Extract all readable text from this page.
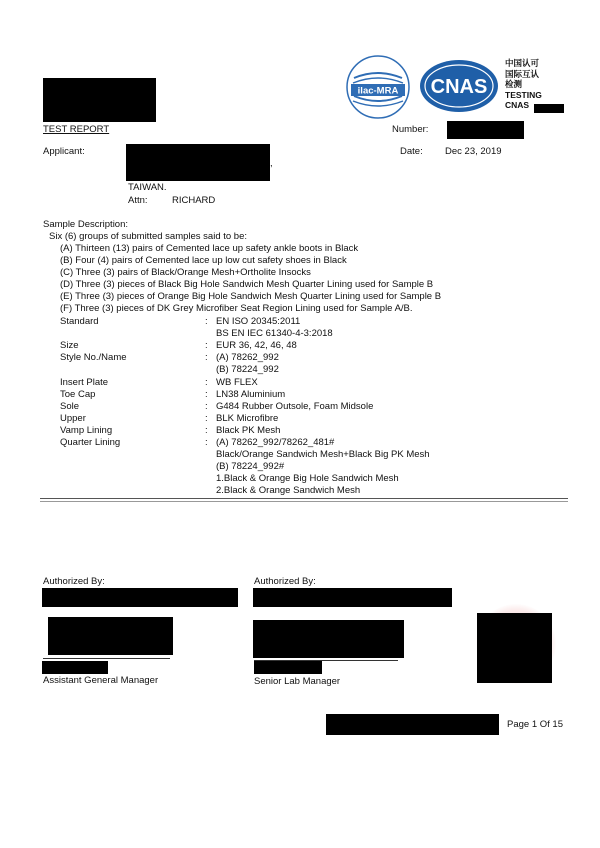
ilac-MRA CNAS
中国认可
国际互认
检测
TESTING
CNAS
TEST REPORT	Number:
Applicant:
,
Date: Dec 23, 2019
TAIWAN.
Attn:	RICHARD
Sample Description:
Six (6) groups of submitted samples said to be:
(A) Thirteen (13) pairs of Cemented lace up safety ankle boots in Black
(B) Four (4) pairs of Cemented lace up low cut safety shoes in Black
(C) Three (3) pairs of Black/Orange Mesh+Ortholite Insocks
(D) Three (3) pieces of Black Big Hole Sandwich Mesh Quarter Lining used for Sample B
(E) Three (3) pieces of Orange Big Hole Sandwich Mesh Quarter Lining used for Sample B
(F) Three (3) pieces of DK Grey Microfiber Seat Region Lining used for Sample A/B.
Standard	: EN ISO 20345:2011
BS EN IEC 61340-4-3:2018
Size	: EUR 36, 42, 46, 48
Style No./Name	: (A) 78262_992
(B) 78224_992
Insert Plate	: WB FLEX
Toe Cap	: LN38 Aluminium
Sole	: G484 Rubber Outsole, Foam Midsole
Upper	: BLK Microfibre
Vamp Lining	: Black PK Mesh
Quarter Lining	: (A) 78262_992/78262_481#
Black/Orange Sandwich Mesh+Black Big PK Mesh
(B) 78224_992#
1.Black & Orange Big Hole Sandwich Mesh
2.Black & Orange Sandwich Mesh
Authorized By:
Assistant General Manager
Authorized By:
Senior Lab Manager
Page 1 Of 15
